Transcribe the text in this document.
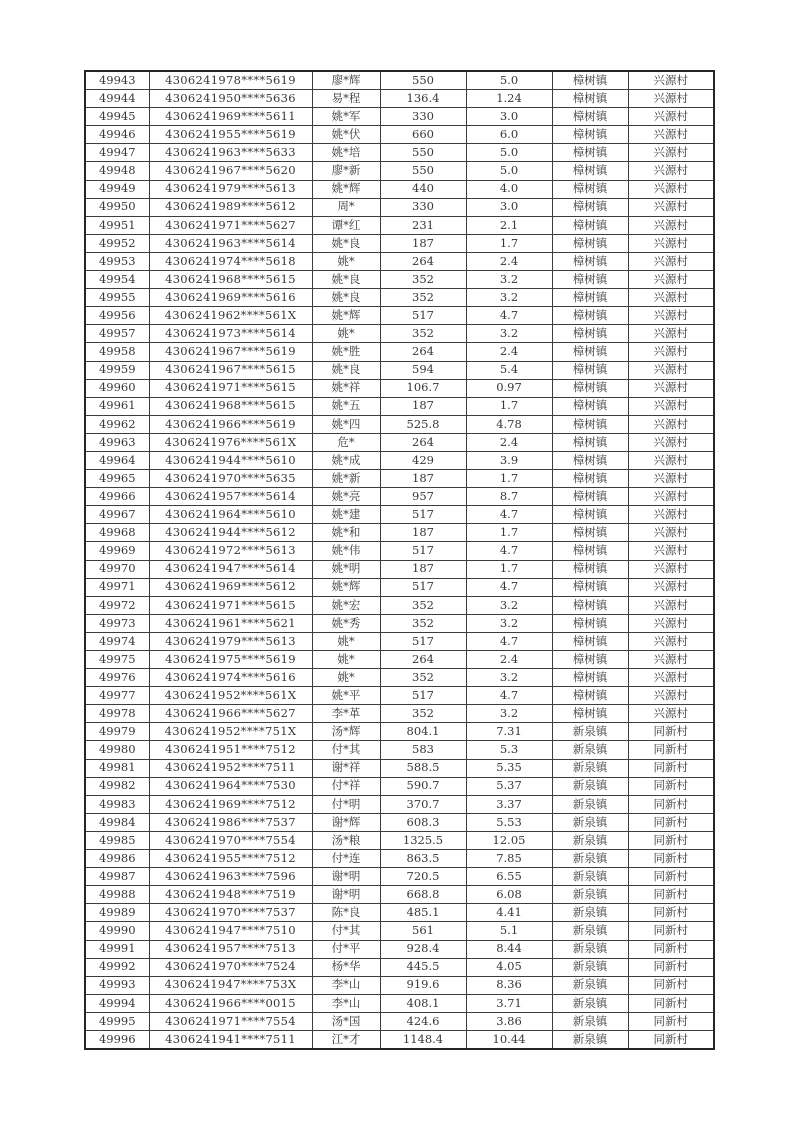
49943	4306241978****5619	廖*辉	550	5.0	樟树镇	兴源村
49944	4306241950****5636	易*程	136.4	1.24	樟树镇	兴源村
49945	4306241969****5611	姚*军	330	3.0	樟树镇	兴源村
49946	4306241955****5619	姚*伏	660	6.0	樟树镇	兴源村
49947	4306241963****5633	姚*培	550	5.0	樟树镇	兴源村
49948	4306241967****5620	廖*新	550	5.0	樟树镇	兴源村
49949	4306241979****5613	姚*辉	440	4.0	樟树镇	兴源村
49950	4306241989****5612	周*	330	3.0	樟树镇	兴源村
49951	4306241971****5627	谭*红	231	2.1	樟树镇	兴源村
49952	4306241963****5614	姚*良	187	1.7	樟树镇	兴源村
49953	4306241974****5618	姚*	264	2.4	樟树镇	兴源村
49954	4306241968****5615	姚*良	352	3.2	樟树镇	兴源村
49955	4306241969****5616	姚*良	352	3.2	樟树镇	兴源村
49956	4306241962****561X	姚*辉	517	4.7	樟树镇	兴源村
49957	4306241973****5614	姚*	352	3.2	樟树镇	兴源村
49958	4306241967****5619	姚*胜	264	2.4	樟树镇	兴源村
49959	4306241967****5615	姚*良	594	5.4	樟树镇	兴源村
49960	4306241971****5615	姚*祥	106.7	0.97	樟树镇	兴源村
49961	4306241968****5615	姚*五	187	1.7	樟树镇	兴源村
49962	4306241966****5619	姚*四	525.8	4.78	樟树镇	兴源村
49963	4306241976****561X	危*	264	2.4	樟树镇	兴源村
49964	4306241944****5610	姚*成	429	3.9	樟树镇	兴源村
49965	4306241970****5635	姚*新	187	1.7	樟树镇	兴源村
49966	4306241957****5614	姚*亮	957	8.7	樟树镇	兴源村
49967	4306241964****5610	姚*建	517	4.7	樟树镇	兴源村
49968	4306241944****5612	姚*和	187	1.7	樟树镇	兴源村
49969	4306241972****5613	姚*伟	517	4.7	樟树镇	兴源村
49970	4306241947****5614	姚*明	187	1.7	樟树镇	兴源村
49971	4306241969****5612	姚*辉	517	4.7	樟树镇	兴源村
49972	4306241971****5615	姚*宏	352	3.2	樟树镇	兴源村
49973	4306241961****5621	姚*秀	352	3.2	樟树镇	兴源村
49974	4306241979****5613	姚*	517	4.7	樟树镇	兴源村
49975	4306241975****5619	姚*	264	2.4	樟树镇	兴源村
49976	4306241974****5616	姚*	352	3.2	樟树镇	兴源村
49977	4306241952****561X	姚*平	517	4.7	樟树镇	兴源村
49978	4306241966****5627	李*革	352	3.2	樟树镇	兴源村
49979	4306241952****751X	汤*辉	804.1	7.31	新泉镇	同新村
49980	4306241951****7512	付*其	583	5.3	新泉镇	同新村
49981	4306241952****7511	谢*祥	588.5	5.35	新泉镇	同新村
49982	4306241964****7530	付*祥	590.7	5.37	新泉镇	同新村
49983	4306241969****7512	付*明	370.7	3.37	新泉镇	同新村
49984	4306241986****7537	谢*辉	608.3	5.53	新泉镇	同新村
49985	4306241970****7554	汤*粮	1325.5	12.05	新泉镇	同新村
49986	4306241955****7512	付*连	863.5	7.85	新泉镇	同新村
49987	4306241963****7596	谢*明	720.5	6.55	新泉镇	同新村
49988	4306241948****7519	谢*明	668.8	6.08	新泉镇	同新村
49989	4306241970****7537	陈*良	485.1	4.41	新泉镇	同新村
49990	4306241947****7510	付*其	561	5.1	新泉镇	同新村
49991	4306241957****7513	付*平	928.4	8.44	新泉镇	同新村
49992	4306241970****7524	杨*华	445.5	4.05	新泉镇	同新村
49993	4306241947****753X	李*山	919.6	8.36	新泉镇	同新村
49994	4306241966****0015	李*山	408.1	3.71	新泉镇	同新村
49995	4306241971****7554	汤*国	424.6	3.86	新泉镇	同新村
49996	4306241941****7511	江*才	1148.4	10.44	新泉镇	同新村
